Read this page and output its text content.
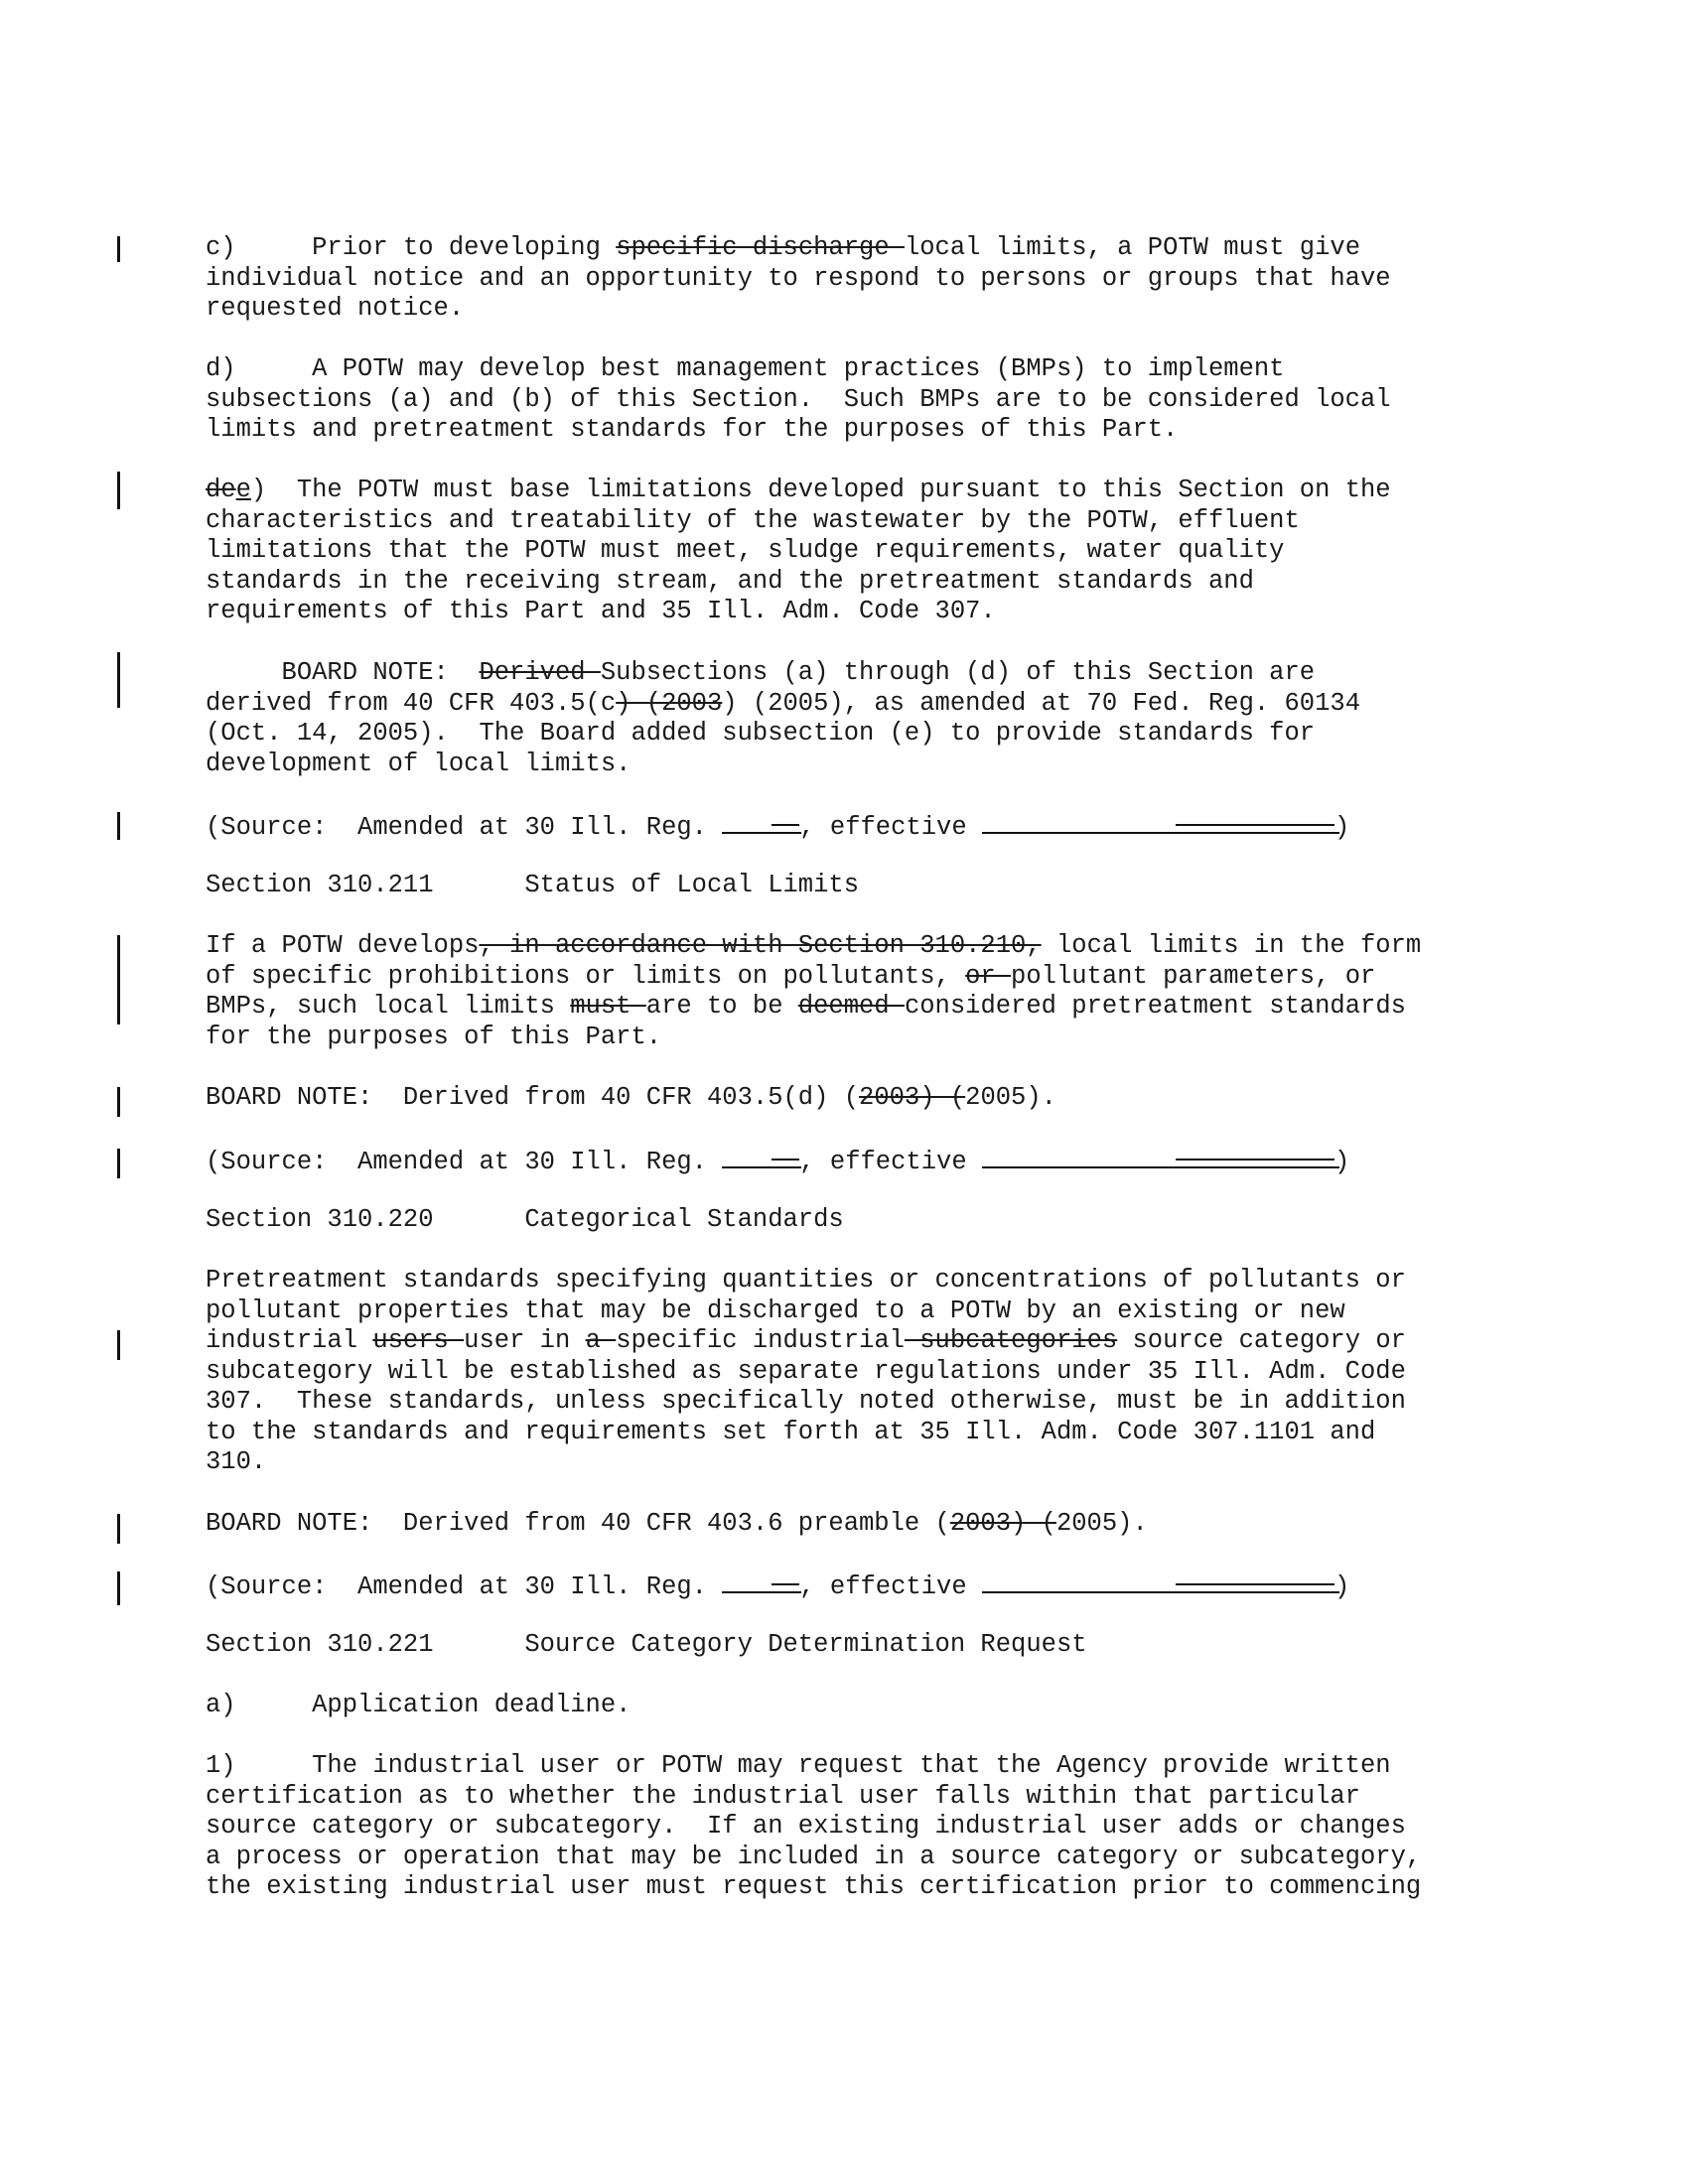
c)	Prior to developing specific discharge local limits, a POTW must give
individual notice and an opportunity to respond to persons or groups that have
requested notice.

d)	A POTW may develop best management practices (BMPs) to implement
subsections (a) and (b) of this Section.  Such BMPs are to be considered local
limits and pretreatment standards for the purposes of this Part.

dee)  The POTW must base limitations developed pursuant to this Section on the
characteristics and treatability of the wastewater by the POTW, effluent
limitations that the POTW must meet, sludge requirements, water quality
standards in the receiving stream, and the pretreatment standards and
requirements of this Part and 35 Ill. Adm. Code 307.

BOARD NOTE:  Derived Subsections (a) through (d) of this Section are
derived from 40 CFR 403.5(c) (2003) (2005), as amended at 70 Fed. Reg. 60134
(Oct. 14, 2005).  The Board added subsection (e) to provide standards for
development of local limits.

(Source:  Amended at 30 Ill. Reg.	, effective	)

Section 310.211      Status of Local Limits

If a POTW develops, in accordance with Section 310.210, local limits in the form
of specific prohibitions or limits on pollutants, or pollutant parameters, or
BMPs, such local limits must are to be deemed considered pretreatment standards
for the purposes of this Part.

BOARD NOTE:  Derived from 40 CFR 403.5(d) (2003) (2005).

(Source:  Amended at 30 Ill. Reg.	, effective	)

Section 310.220      Categorical Standards

Pretreatment standards specifying quantities or concentrations of pollutants or
pollutant properties that may be discharged to a POTW by an existing or new
industrial users user in a specific industrial subcategories source category or
subcategory will be established as separate regulations under 35 Ill. Adm. Code
307.  These standards, unless specifically noted otherwise, must be in addition
to the standards and requirements set forth at 35 Ill. Adm. Code 307.1101 and
310.

BOARD NOTE:  Derived from 40 CFR 403.6 preamble (2003) (2005).

(Source:  Amended at 30 Ill. Reg.	, effective	)

Section 310.221      Source Category Determination Request

a)     Application deadline.

1)     The industrial user or POTW may request that the Agency provide written
certification as to whether the industrial user falls within that particular
source category or subcategory.  If an existing industrial user adds or changes
a process or operation that may be included in a source category or subcategory,
the existing industrial user must request this certification prior to commencing
